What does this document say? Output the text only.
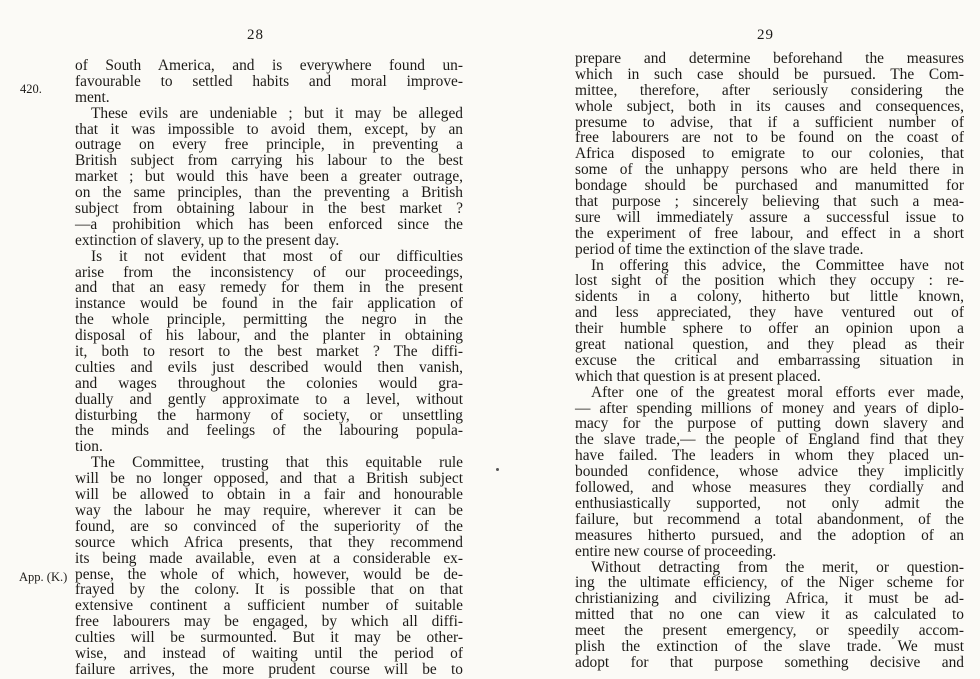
28
420.
App. (K.)
of South America, and is everywhere found un-
favourable to settled habits and moral improve-
ment.
These evils are undeniable ; but it may be alleged
that it was impossible to avoid them, except, by an
outrage on every free principle, in preventing a
British subject from carrying his labour to the best
market ; but would this have been a greater outrage,
on the same principles, than the preventing a British
subject from obtaining labour in the best market ?
—a prohibition which has been enforced since the
extinction of slavery, up to the present day.
Is it not evident that most of our difficulties
arise from the inconsistency of our proceedings,
and that an easy remedy for them in the present
instance would be found in the fair application of
the whole principle, permitting the negro in the
disposal of his labour, and the planter in obtaining
it, both to resort to the best market ? The diffi-
culties and evils just described would then vanish,
and wages throughout the colonies would gra-
dually and gently approximate to a level, without
disturbing the harmony of society, or unsettling
the minds and feelings of the labouring popula-
tion.
The Committee, trusting that this equitable rule
will be no longer opposed, and that a British subject
will be allowed to obtain in a fair and honourable
way the labour he may require, wherever it can be
found, are so convinced of the superiority of the
source which Africa presents, that they recommend
its being made available, even at a considerable ex-
pense, the whole of which, however, would be de-
frayed by the colony. It is possible that on that
extensive continent a sufficient number of suitable
free labourers may be engaged, by which all diffi-
culties will be surmounted. But it may be other-
wise, and instead of waiting until the period of
failure arrives, the more prudent course will be to
29
prepare and determine beforehand the measures
which in such case should be pursued. The Com-
mittee, therefore, after seriously considering the
whole subject, both in its causes and consequences,
presume to advise, that if a sufficient number of
free labourers are not to be found on the coast of
Africa disposed to emigrate to our colonies, that
some of the unhappy persons who are held there in
bondage should be purchased and manumitted for
that purpose ; sincerely believing that such a mea-
sure will immediately assure a successful issue to
the experiment of free labour, and effect in a short
period of time the extinction of the slave trade.
In offering this advice, the Committee have not
lost sight of the position which they occupy : re-
sidents in a colony, hitherto but little known,
and less appreciated, they have ventured out of
their humble sphere to offer an opinion upon a
great national question, and they plead as their
excuse the critical and embarrassing situation in
which that question is at present placed.
After one of the greatest moral efforts ever made,
— after spending millions of money and years of diplo-
macy for the purpose of putting down slavery and
the slave trade,— the people of England find that they
have failed. The leaders in whom they placed un-
bounded confidence, whose advice they implicitly
followed, and whose measures they cordially and
enthusiastically supported, not only admit the
failure, but recommend a total abandonment, of the
measures hitherto pursued, and the adoption of an
entire new course of proceeding.
Without detracting from the merit, or question-
ing the ultimate efficiency, of the Niger scheme for
christianizing and civilizing Africa, it must be ad-
mitted that no one can view it as calculated to
meet the present emergency, or speedily accom-
plish the extinction of the slave trade. We must
adopt for that purpose something decisive and
